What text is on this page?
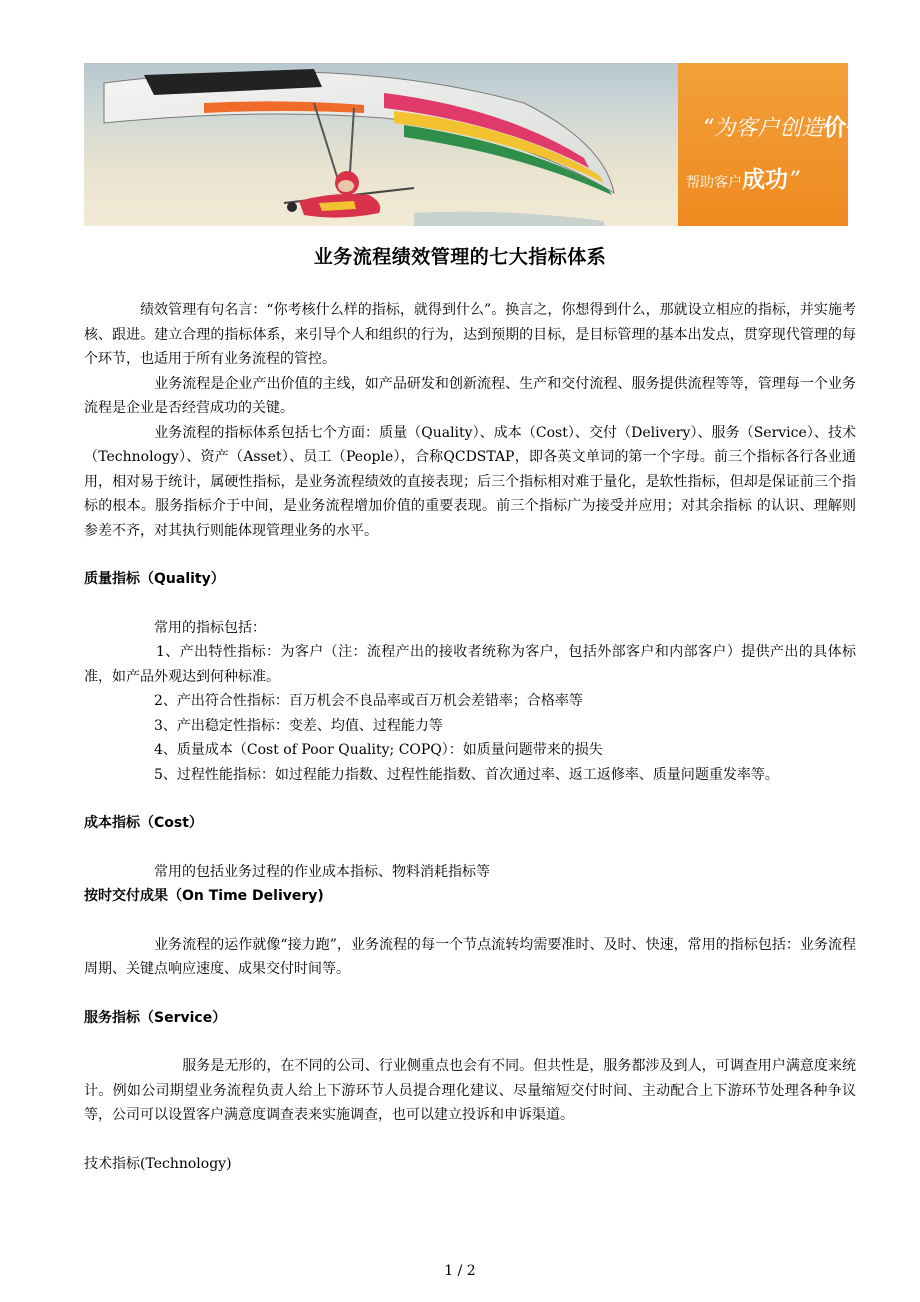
“为客户创造价值，
帮助客户成功”
业务流程绩效管理的七大指标体系

　　　　绩效管理有句名言：“你考核什么样的指标，就得到什么”。换言之，你想得到什么，那就设立相应的指标，并实施考核、跟进。建立合理的指标体系，来引导个人和组织的行为，达到预期的目标，是目标管理的基本出发点，贯穿现代管理的每个环节，也适用于所有业务流程的管控。

　　　　　业务流程是企业产出价值的主线，如产品研发和创新流程、生产和交付流程、服务提供流程等等，管理每一个业务流程是企业是否经营成功的关键。

　　　　　业务流程的指标体系包括七个方面：质量（Quality）、成本（Cost）、交付（Delivery）、服务（Service）、技术 （Technology）、资产（Asset）、员工（People），合称QCDSTAP，即各英文单词的第一个字母。前三个指标各行各业通用，相对易于统计，属硬性指标，是业务流程绩效的直接表现；后三个指标相对难于量化，是软性指标，但却是保证前三个指标的根本。服务指标介于中间，是业务流程增加价值的重要表现。前三个指标广为接受并应用；对其余指标 的认识、理解则参差不齐，对其执行则能体现管理业务的水平。

质量指标（Quality）

　　　　　常用的指标包括：

　　　　　1、产出特性指标：为客户（注：流程产出的接收者统称为客户，包括外部客户和内部客户）提供产出的具体标准，如产品外观达到何种标准。

　　　　　2、产出符合性指标：百万机会不良品率或百万机会差错率；合格率等

　　　　　3、产出稳定性指标：变差、均值、过程能力等

　　　　　4、质量成本（Cost of Poor Quality; COPQ）：如质量问题带来的损失

　　　　　5、过程性能指标：如过程能力指数、过程性能指数、首次通过率、返工返修率、质量问题重发率等。

成本指标（Cost）

　　　　　常用的包括业务过程的作业成本指标、物料消耗指标等

按时交付成果（On Time Delivery)

　　　　　业务流程的运作就像“接力跑”，业务流程的每一个节点流转均需要准时、及时、快速，常用的指标包括：业务流程周期、关键点响应速度、成果交付时间等。

服务指标（Service）

　　　　　　　服务是无形的，在不同的公司、行业侧重点也会有不同。但共性是，服务都涉及到人，可调查用户满意度来统计。例如公司期望业务流程负责人给上下游环节人员提合理化建议、尽量缩短交付时间、主动配合上下游环节处理各种争议等，公司可以设置客户满意度调查表来实施调查，也可以建立投诉和申诉渠道。

技术指标(Technology)

1 / 2
